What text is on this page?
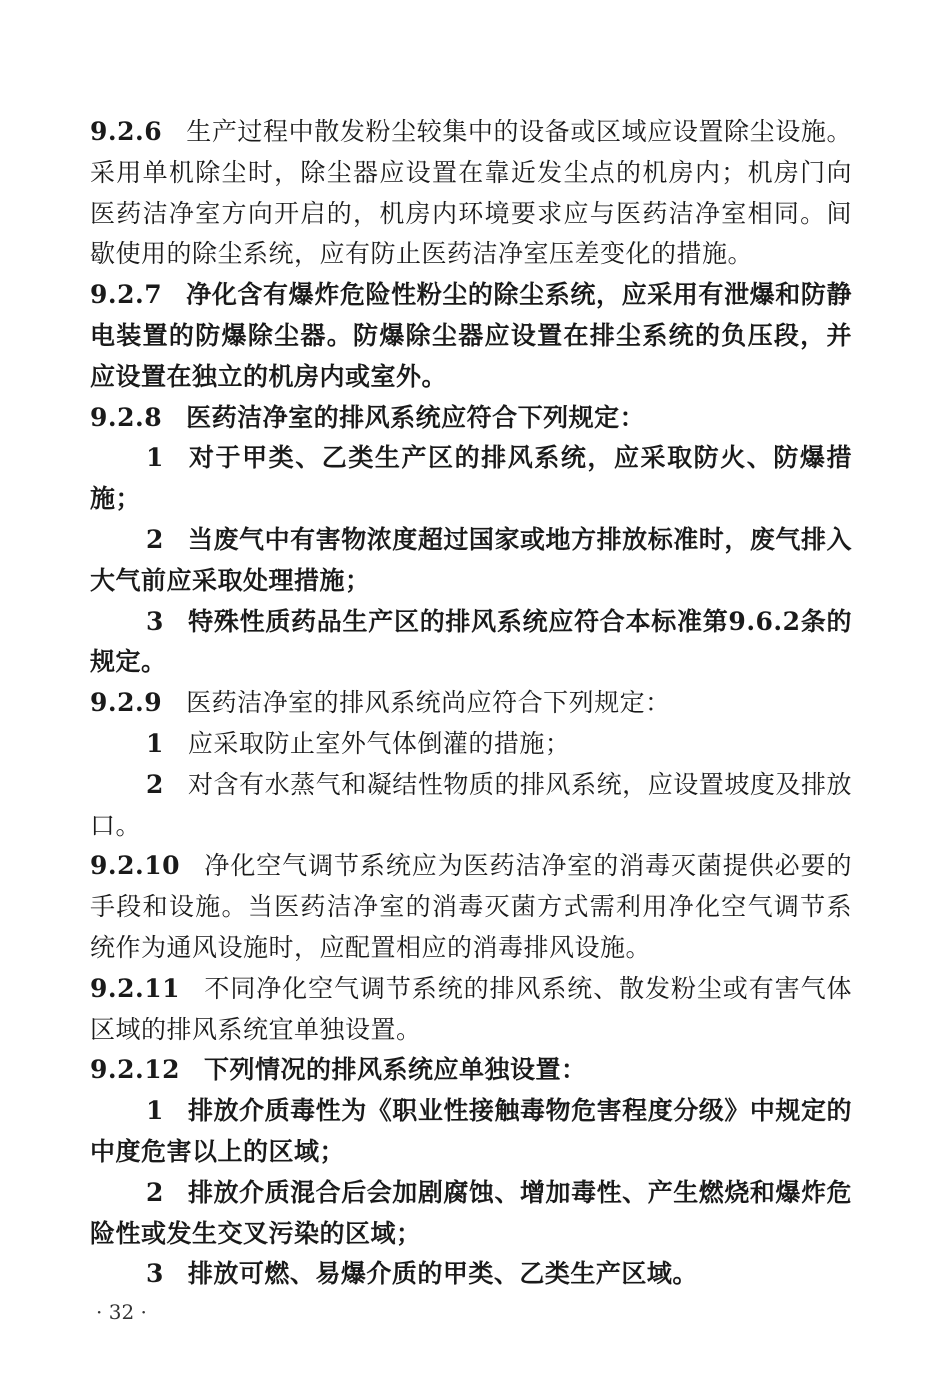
9.2.6 生产过程中散发粉尘较集中的设备或区域应设置除尘设施。采用单机除尘时，除尘器应设置在靠近发尘点的机房内；机房门向医药洁净室方向开启的，机房内环境要求应与医药洁净室相同。间歇使用的除尘系统，应有防止医药洁净室压差变化的措施。

9.2.7 净化含有爆炸危险性粉尘的除尘系统，应采用有泄爆和防静电装置的防爆除尘器。防爆除尘器应设置在排尘系统的负压段，并应设置在独立的机房内或室外。

9.2.8 医药洁净室的排风系统应符合下列规定：

1 对于甲类、乙类生产区的排风系统，应采取防火、防爆措施；

2 当废气中有害物浓度超过国家或地方排放标准时，废气排入大气前应采取处理措施；

3 特殊性质药品生产区的排风系统应符合本标准第9.6.2条的规定。

9.2.9 医药洁净室的排风系统尚应符合下列规定：

1 应采取防止室外气体倒灌的措施；

2 对含有水蒸气和凝结性物质的排风系统，应设置坡度及排放口。

9.2.10 净化空气调节系统应为医药洁净室的消毒灭菌提供必要的手段和设施。当医药洁净室的消毒灭菌方式需利用净化空气调节系统作为通风设施时，应配置相应的消毒排风设施。

9.2.11 不同净化空气调节系统的排风系统、散发粉尘或有害气体区域的排风系统宜单独设置。

9.2.12 下列情况的排风系统应单独设置：

1 排放介质毒性为《职业性接触毒物危害程度分级》中规定的中度危害以上的区域；

2 排放介质混合后会加剧腐蚀、增加毒性、产生燃烧和爆炸危险性或发生交叉污染的区域；

3 排放可燃、易爆介质的甲类、乙类生产区域。

· 32 ·
